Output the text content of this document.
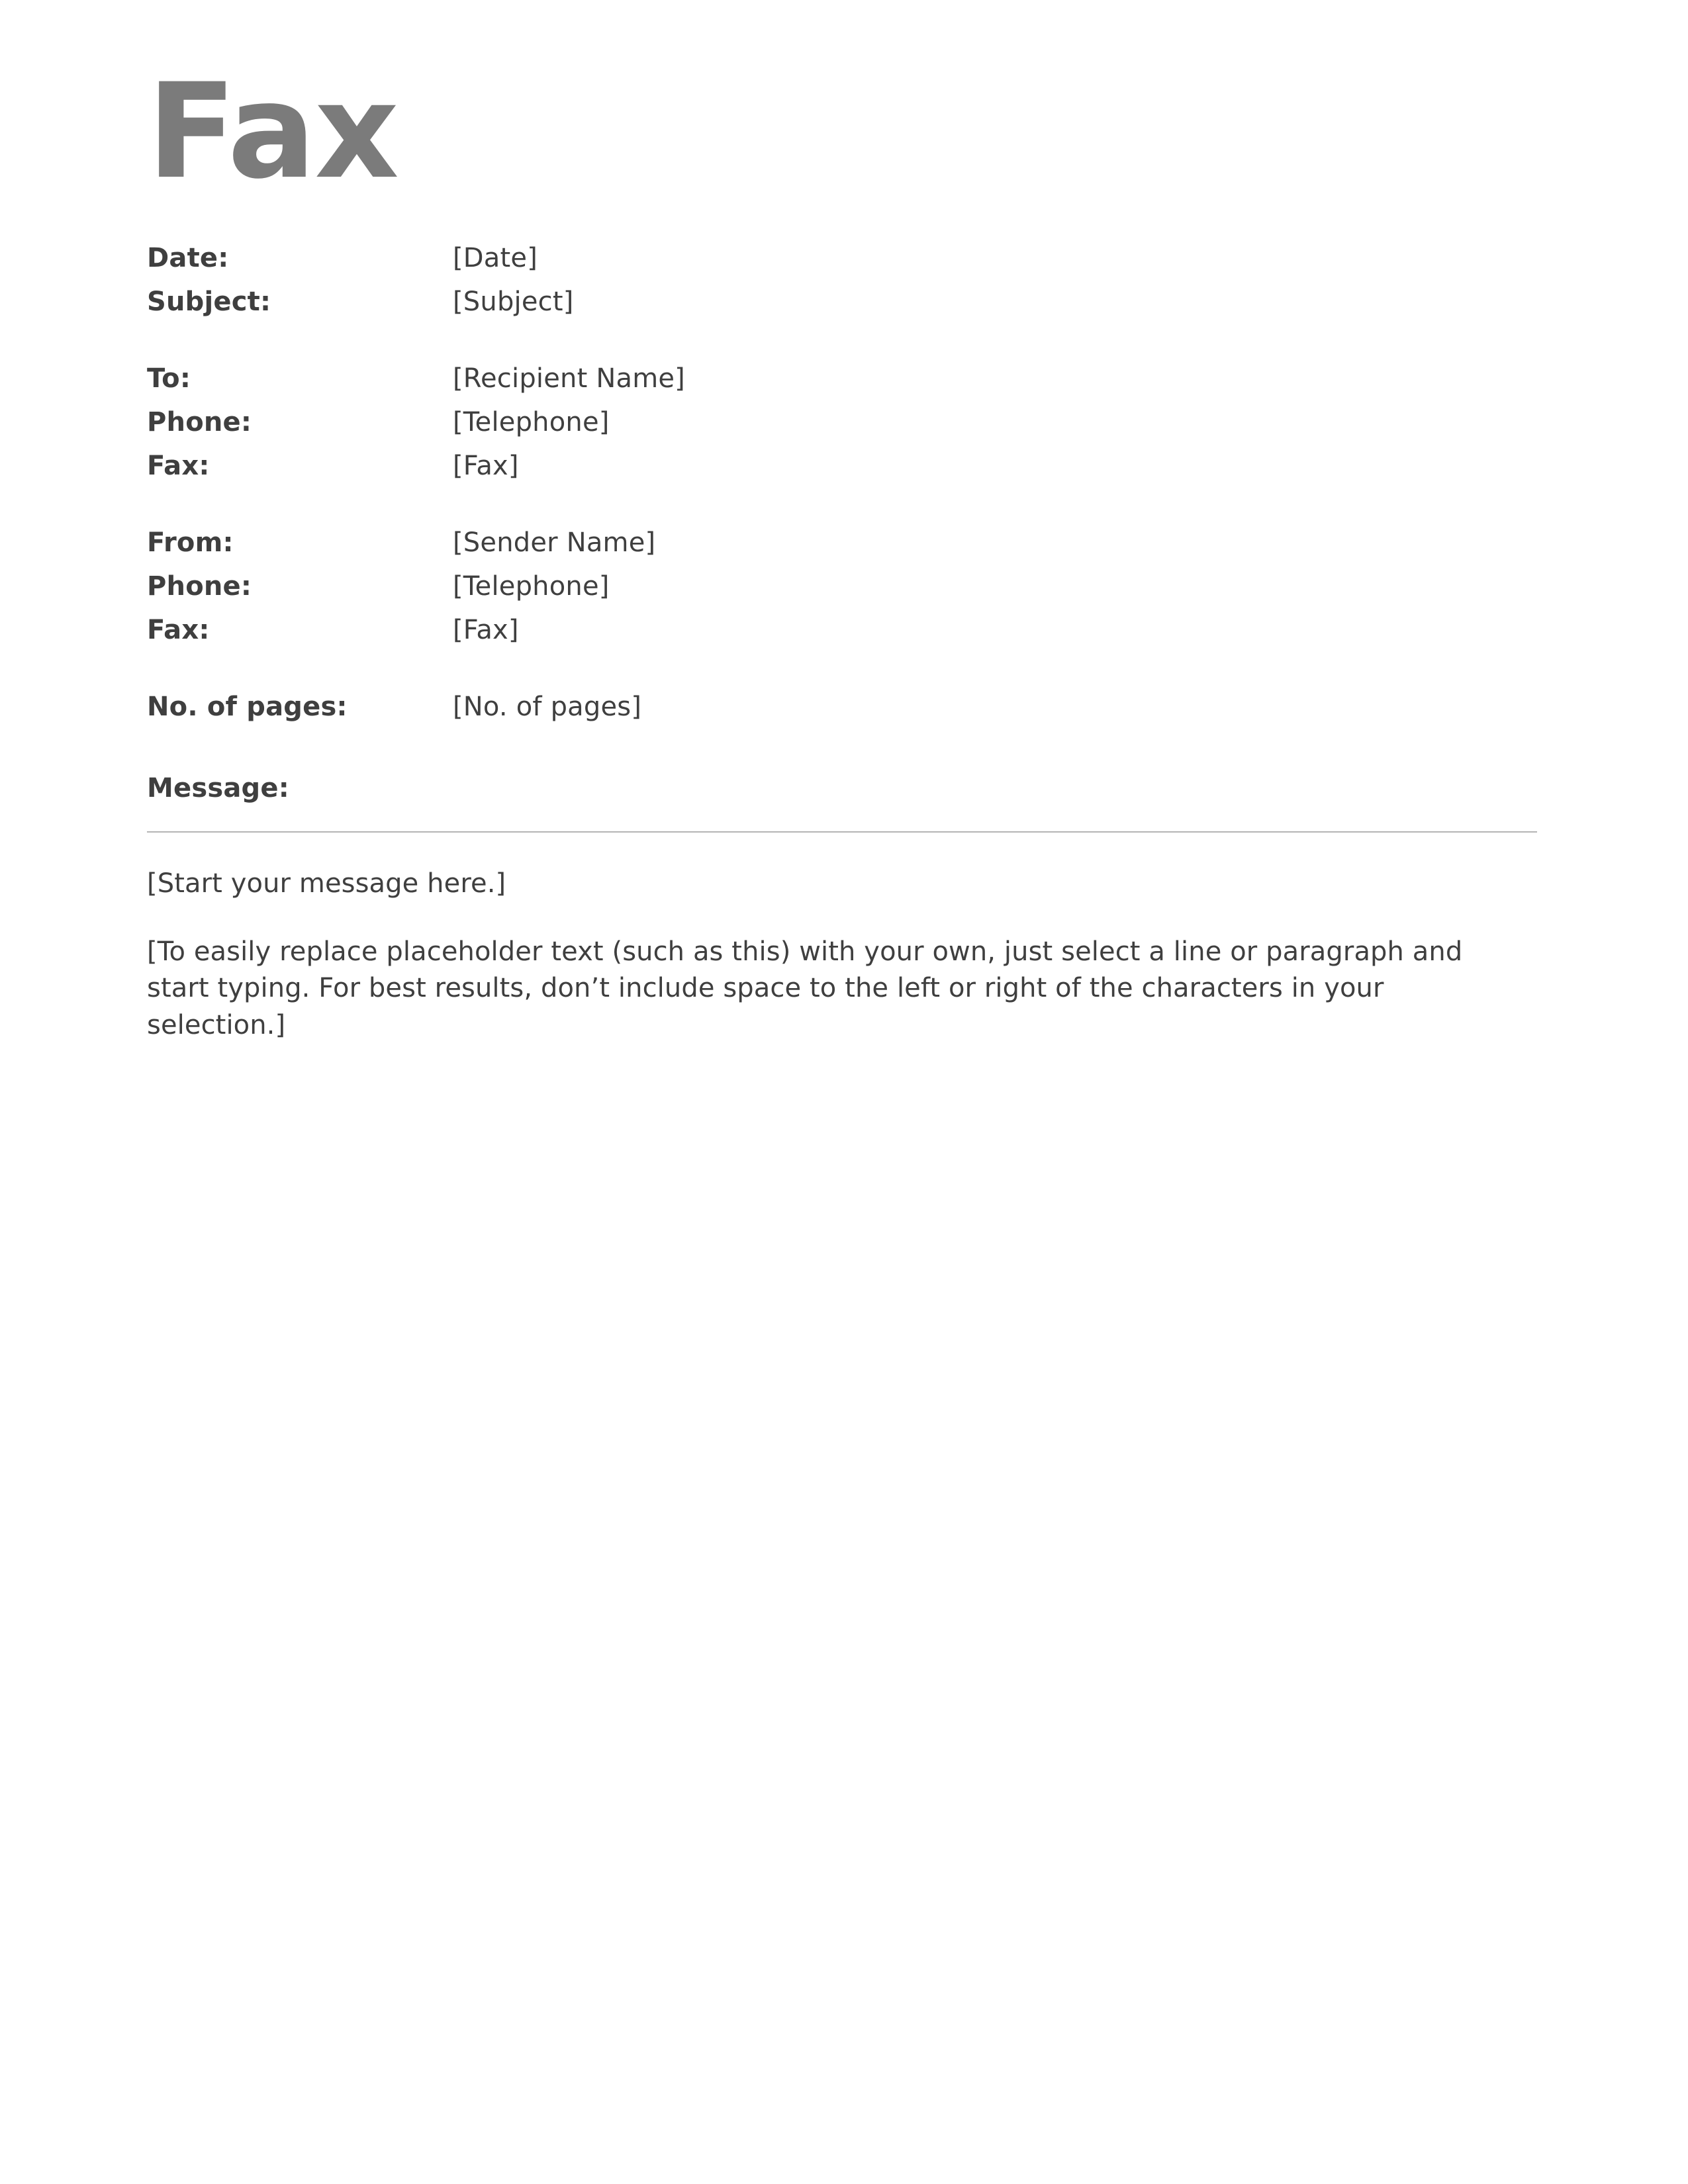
Fax
Date:	[Date]
Subject:	[Subject]
To:	[Recipient Name]
Phone:	[Telephone]
Fax:	[Fax]
From:	[Sender Name]
Phone:	[Telephone]
Fax:	[Fax]
No. of pages:	[No. of pages]
Message:
[Start your message here.]
[To easily replace placeholder text (such as this) with your own, just select a line or paragraph and start typing. For best results, don’t include space to the left or right of the characters in your selection.]
